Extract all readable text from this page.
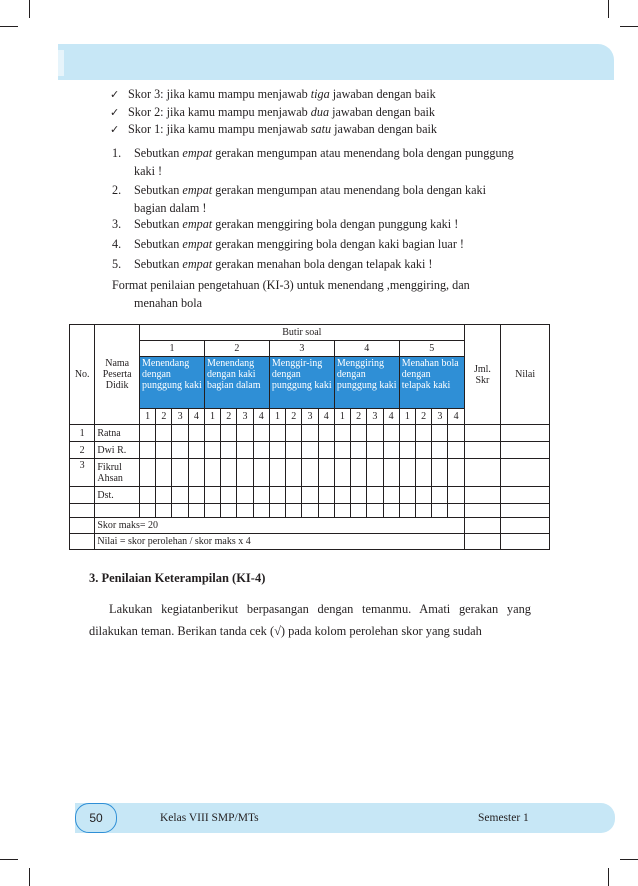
✓ Skor 3: jika kamu mampu menjawab tiga jawaban dengan baik
✓ Skor 2: jika kamu mampu menjawab dua jawaban dengan baik
✓ Skor 1: jika kamu mampu menjawab satu jawaban dengan baik
1. Sebutkan empat gerakan mengumpan atau menendang bola dengan punggung
kaki !
2. Sebutkan empat gerakan mengumpan atau menendang bola dengan kaki
bagian dalam !
3. Sebutkan empat gerakan menggiring bola dengan punggung kaki !
4. Sebutkan empat gerakan menggiring bola dengan kaki bagian luar !
5. Sebutkan empat gerakan menahan bola dengan telapak kaki !
Format penilaian pengetahuan (KI-3) untuk menendang ,menggiring, dan
menahan bola
No.	Nama Peserta Didik	Butir soal																				Jml. Skr	Nilai
		1				2				3				4				5					
		Menendang dengan punggung kaki				Menendang dengan kaki bagian dalam				Menggir-ing dengan punggung kaki				Menggiring dengan punggung kaki				Menahan bola dengan telapak kaki					
		1	2	3	4	1	2	3	4	1	2	3	4	1	2	3	4	1	2	3	4		
1	Ratna																						
2	Dwi R.																						
3	Fikrul Ahsan																						
	Dst.																						

	Skor maks= 20																						
	Nilai = skor perolehan / skor maks x 4																						
3. Penilaian Keterampilan (KI-4)
Lakukan kegiatanberikut berpasangan dengan temanmu. Amati gerakan yang dilakukan teman. Berikan tanda cek (√) pada kolom perolehan skor yang sudah
50	Kelas VIII SMP/MTs	Semester 1
